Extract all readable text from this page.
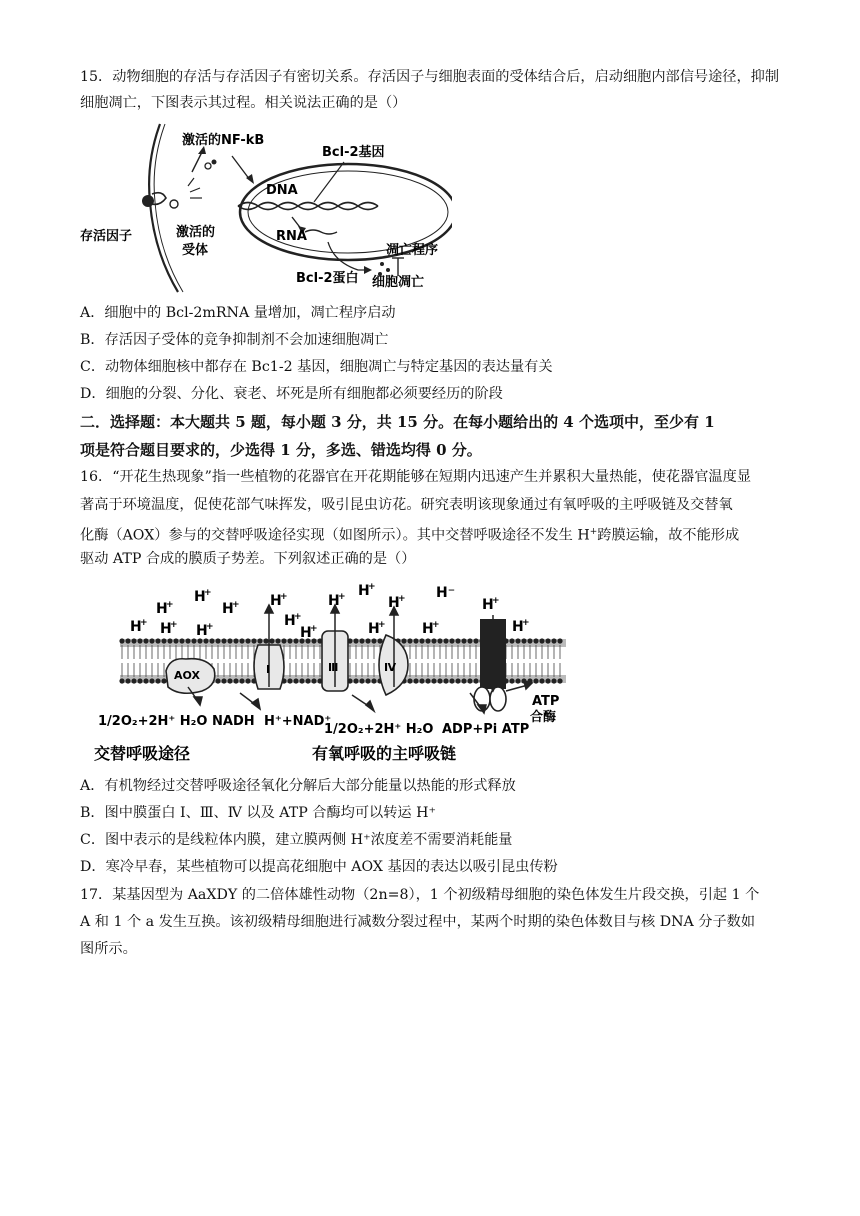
15．动物细胞的存活与存活因子有密切关系。存活因子与细胞表面的受体结合后，启动细胞内部信号途径，抑制细胞凋亡，下图表示其过程。相关说法正确的是（）
激活的NF-kB
Bcl-2基因
DNA
RNA
存活因子	激活的
受体	凋亡程序
Bcl-2蛋白 细胞凋亡
A．细胞中的 Bcl-2mRNA 量增加，凋亡程序启动
B．存活因子受体的竞争抑制剂不会加速细胞凋亡
C．动物体细胞核中都存在 Bc1-2 基因，细胞凋亡与特定基因的表达量有关
D．细胞的分裂、分化、衰老、坏死是所有细胞都必须要经历的阶段
二．选择题：本大题共 5 题，每小题 3 分，共 15 分。在每小题给出的 4 个选项中，至少有 1
项是符合题目要求的，少选得 1 分，多选、错选均得 0 分。
16．“开花生热现象”指一些植物的花器官在开花期能够在短期内迅速产生并累积大量热能，使花器官温度显
著高于环境温度，促使花部气味挥发，吸引昆虫访花。研究表明该现象通过有氧呼吸的主呼吸链及交替氧
化酶（AOX）参与的交替呼吸途径实现（如图所示）。其中交替呼吸途径不发生 H+跨膜运输，故不能形成
驱动 ATP 合成的膜质子势差。下列叙述正确的是（）
H
+ H
+
H
+ H
+ H
+
H
+ H
+
H
+
H
+
H
+ H
+
H
+
H
+	H
+
H⁻
H
+
H
+
AOX	I	Ⅲ	Ⅳ
1/2O₂+2H⁺ H₂O NADH H⁺+NAD⁺
1/2O₂+2H⁺ H₂O ADP+Pi ATP
ATP
合酶
交替呼吸途径	有氧呼吸的主呼吸链
A．有机物经过交替呼吸途径氧化分解后大部分能量以热能的形式释放
B．图中膜蛋白 I、Ⅲ、Ⅳ 以及 ATP 合酶均可以转运 H⁺
C．图中表示的是线粒体内膜，建立膜两侧 H⁺浓度差不需要消耗能量
D．寒冷早春，某些植物可以提高花细胞中 AOX 基因的表达以吸引昆虫传粉
17．某基因型为 AaXDY 的二倍体雄性动物（2n=8），1 个初级精母细胞的染色体发生片段交换，引起 1 个
A 和 1 个 a 发生互换。该初级精母细胞进行减数分裂过程中，某两个时期的染色体数目与核 DNA 分子数如
图所示。
